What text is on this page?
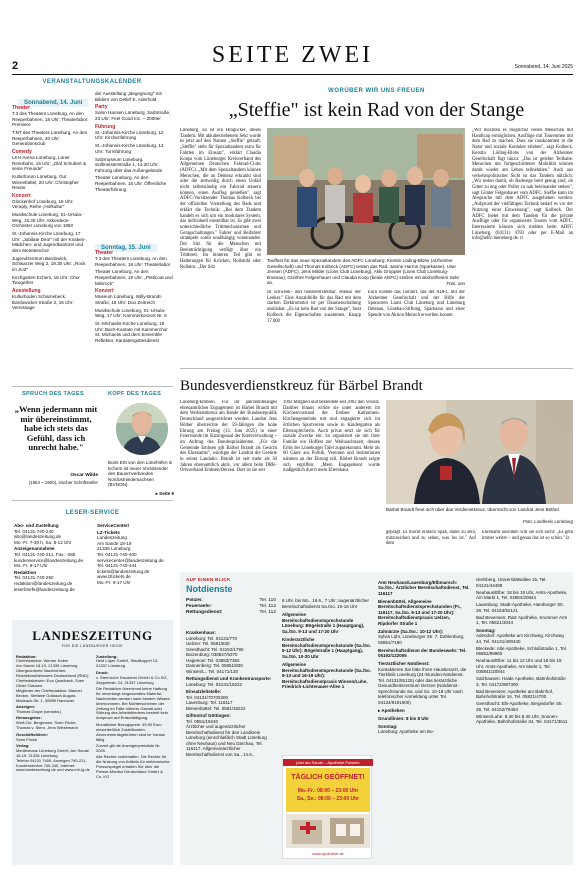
2	SEITE ZWEI	Sonnabend, 14. Juni 2025
VERANSTALTUNGSKALENDER
Sonnabend, 14. Juni
Theater
T.3 des Theaters Lüneburg, An den Reeperbahnen, 18 Uhr: Theaterlabor: Premiere
T.NT des Theaters Lüneburg, An den Reeperbahnen, 20 Uhr: Generationsclub
Comedy
LKH-Arena Lüneburg, Lüner Rennbahn, 19 Uhr: „Olaf Schubert & seine Freunde"
Kulturforum Lüneburg, Gut Wienebüttel, 20 Uhr: Christopher Reuter
Konzert
Glockenhof Lüneburg, 15 Uhr: Veraply, Reihe „Hofkultur"
Musikschule Lüneburg, St.-Ursula-Weg, 15.30 Uhr: Akkordeon-Orchester Lüneburg von 1950
St.-Johannis-Kirche Lüneburg, 17 Uhr: „Jubilate Deo!" mit der Knaben-, Mädchen- und Jugendkantorei und dem Motettenchor
Jugendzentrum Bardowick, Schwarzer Weg 2, 19.30 Uhr: „Rock im JUZ"
Kirchgarten Echem, 18 Uhr: Chor Twogether
Ausstellung
Kulturboden Scharnebeck, Bardowicker Straße 2, 16 Uhr: Vernissage
der Ausstellung „Begegnung" mit Bildern von Detlef E. Aderhold
Party
Salon Hansen Lüneburg, Salzstraße, 23 Uhr: Feel Good Inc. – 2000er
Führung
St.-Johannis-Kirche Lüneburg, 12 Uhr: Kirchenführung
St.-Johannis-Kirche Lüneburg, 13 Uhr: Turmführung
Salzmuseum Lüneburg, Sülfmeisterstraße 1, 14.30 Uhr: Führung über das Außengelände
Theater Lüneburg, An den Reeperbahnen, 16 Uhr: Öffentliche Theaterführung
Sonntag, 15. Juni
Theater
T.3 des Theaters Lüneburg, An den Reeperbahnen, 18 Uhr: Theaterlabor
Theater Lüneburg, An den Reeperbahnen, 19 Uhr: „Petticoat und Minirock"
Konzert
Museum Lüneburg, Willy-Brandt-Straße, 16 Uhr: Duo Zeitreich
Musikschule Lüneburg, St.-Ursula-Weg, 17 Uhr: Kammerkonzert Nr. 6
St.-Michaelis-Kirche Lüneburg, 18 Uhr: Bach-Kantate mit Kammerchor St. Michaelis und dem Ensemble Reflektor, Kantatengottesdienst
SPRUCH DES TAGES
„Wenn jedermann mit mir übereinstimmt, habe ich stets das Gefühl, dass ich unrecht habe."
Oscar Wilde
(1854 – 1900), irischer Schriftsteller
KOPF DES TAGES
Boris Erb von den Lünehöfen in Echem ist neuer Vorsitzender des Bauernverbandes Nordostniedersachsen (BVNON).
▸ Seite 9
LESER-SERVICE
Abo- und Zustellung
Tel. 04131-740-240
abo@landeszeitung.de
Mo.-Fr. 7-30 h, Sa. 8-12 Uhr
Anzeigenannahme
Tel. 04131-740-211, Fax: -285
kundenservice@landeszeitung.de
Mo.-Fr. 8-17 Uhr
Redaktion
Tel. 04131-740-250
redaktion@landeszeitung.de
leserbriefe@landeszeitung.de
ServiceCenter/
LZ-Tickets
Landeszeitung
Am Sande 18-19
21335 Lüneburg
Tel. 04131-740-400
servicecenter@landeszeitung.de
Tel. 04131-740-444
tickets@landeszeitung.de
www.lztickets.de
Mo.-Fr. 9-17 Uhr
LANDESZEITUNG
FÜR DIE LÜNEBURGER HEIDE
Redaktion:
Chefredakteur: Werner Kolbe
Am Sande 18-19, 21335 Lüneburg
Übergeordnete Nachrichten: RedaktionsNetzwerk Deutschland (RND)
Chefredakteurin: Eva Quadbeck, Sven Oliver Clausen
Mitglieder der Chefredaktion: Manuel Becker, Stefanie Gollasch August-Madsack-Str. 1, 30559 Hannover
Anzeigen:
Thomas Grupe (verantw.)
Herausgeber:
Wolf-Chr. Bergmann, Sven Fricke, Thomas v. Stern, Jens Wiesemann
Geschäftsführer:
Sven Fricke
Verlag:
Medienhaus Lüneburg GmbH, Am Sande 18-19, 21335 Lüneburg
Telefon 04131 7400, Anzeigen 740-211, Kundenservice 740-240, Internet: www.landeszeitung.de und www.mh-lg.de
Zustellung:
Heid Lüper GmbH, Stadtkoppel 13, 21337 Lüneburg
Druck:
v. Stern'sche Druckerei GmbH & Co KG, Zeppelinstr. 24, 21337 Lüneburg
Die Redaktion übernimmt keine Haftung für unverlangt eingesandtes Material. Nachrichten werden nach bestem Wissen übernommen. Bei Nichterscheinen der Zeitung im Falle höherer Gewalt oder Störung des Arbeitsfriedens besteht kein Anspruch auf Entschädigung.
Monatlicher Bezugspreis: 49,90 Euro einschließlich Zustellkosten. Abonnementsgebühren sind im Voraus fällig.
Zurzeit gilt die Anzeigenpreisliste Nr. 2025.
Alle Rechte vorbehalten. Die Rechte für die Nutzung von Artikeln für elektronische Pressespiegel erhalten Sie über die Presse-Monitor Deutschland GmbH & Co. KG
WORÜBER WIR UNS FREUEN
„Steffie" ist kein Rad von der Stange
Lüneburg. Es ist ein Hingucker, dieses Tandem. Mit akkubetriebenem Sekt wurde es jetzt auf den Namen „Steffie" getauft. „Steffie" steht für Spezialtandem extra für Fahrten im Einsatz", erklärt Claudia Koops vom Lüneburger Kreisverband des Allgemeinen Deutschen Fahrrad-Clubs (ADFC). „Mit dem Spezialtandem können Menschen, die an Demenz erkrankt sind oder die zeitweilig durch einen Unfall nicht selbstständig ein Fahrrad steuern können, einen Ausflug genießen", sagt ADFC-Vorsitzender Thomas Kolbeck bei der offiziellen Vorstellung des Rads und erklärt die Technik: „Bei dem Tandem handelt es sich um ein modulares System, das individuell einstellbar ist. Es gibt zwei unterschiedliche Trittmechanismen und Geragschaltungen." Fahrer und Beifahrer strampeln somit unabhängig voneinander. Der Sitz für die Menschen mit Beeinträchtigung verfügt über ein Trittbrett. Im hinteren Teil gibt es Halterungen für Krücken, Rollstuhl oder Rollator. „Der Sitz
Tauffest für das neue Spezialtandem des ADFC Lüneburg: Kerstin Löding-Blohs (Alzheimer Gesellschaft) und Thomas Kolbeck (ADFC) testen das Rad. Janine Harms (Sparkasse), Uwe Jensen (ADFC), Jens Milder (Lions Club Lüneburg), Akki Groppler (Lions Club Lüneburg-Ilmenau), Günther Felgenhauer und Claudia Koop (beide ADFC) stoßen mit akoholfreiem Sekt an.	Foto: ann
ist schwenk- und höhenverstellbar, ebenso der Lenker." Eine Anzahlhilfe für das Rad mit dem starken Elektromotor ist per Daumenschaltung auslösbar. „Es ist kein Rad von der Stange", fasst Kolbeck die Eigenschaften zusammen. Knapp 17.000
Euro kostete das Gefährt, das der ADFC mit der Alzheimer Gesellschaft und der Hilfe der Sponsoren Lions Club Lüneburg und Lüneburg Ilmenau, Lünebau-Stiftung, Sparkasse und einer Spende von Aktion Mensch erwerben konnte.
„Wir möchten es möglichst vielen Menschen mit Handicap ermöglichen, Ausflüge mit Tourenmen mit dem Rad zu machen. Dass sie rausko​mmen in die Natur und soziale Kontakte erleben", sagt Kolbeck. Kerstin Löding-Blohs von der Alzheimer Gesellschaft fügt hinzu: „Das ist gelebte Teilhabe. Menschen mit fortgeschrittener Mobilität können damit wieder am Leben teilnehmen." Auch aus verkehrspolitischer Sicht ist das Tandem nützlich: „Wir testen damit, ob Radwege breit genug sind, ob Gitter zu eng oder Poller zu nah beieinander stehen", sagt Günter Felgenhauer vom ADFC. Steffie kann im Absprache mit dem ADFC ausgeliehen werden. „Aufgrund der vielfältigen Technik bedarf es vor der Nutzung einer Einweisung", sagt Kolbeck. Der ADFC bietet mit dem Tandem für die private Ausflüge oder für organisierte Touren vom ADFC. Interessierte können sich melden beim ADFC Lüneburg, (04131) 4783 oder per E-Mail an info@adfc-lueneburg.de. rt
Bundesverdienstkreuz für Bärbel Brandt
Lüneburg/Embsen. Für ihr jahrzehntelanges ehrenamtliches Engagement ist Bärbel Brandt mit dem Verdienstkreuz am Bande der Bundesrepublik Deutschland ausgezeichnet worden. Landrat Jens Böther überreichte der 59-Jährigen die hohe Ehrung am Freitag (13. Juni 2025) in einer Feierstunde im Sitzungssaal der Kreisverwaltung – im Auftrag des Bundespräsidenten. „Für die Gemeinde Embsen gilt Bärbel Brandt als Gesicht des Ehrenamts", würdigte der Landrat die Geehrte in seiner Laudatio. Brandt ist seit mehr als 30 Jahren ehrenamtlich aktiv, vor allem beim DRK-Ortsverband Embsen/Oerzen. Dort ist sie seit
1992 Mitglied und bekleidete seit 2002 den Vorsitz. Darüber hinaus wirkte sie unter anderem im Kirchenvorstand der Embser Katharinen-Kirchengemeinde mit und engagierte sich im örtlichen Sportverein sowie in Kindergarten als Elternsprecherin. Auch privat setzt sie sich für soziale Zwecke ein: So organisiert sie mit ihrer Familie ein Hoffest zur Weihnachtszeit, dessen Erlös der Lüneburger Tafel zugutekommt. Mehr als 60 Gäste aus Politik, Vereinen und Institutionen nahmen an der Ehrung teil. Bärbel Brandt zeigte sich ergriffen: „Mein Engagement wurde maßgeblich durch mein Elternhaus
Bärbel Brandt freut sich über das Verdienstkreuz, überreicht von Landrat Jens Böther.
Foto: Landkreis Lüneburg
geprägt. Es macht einfach Spaß, dabei zu sein, mitzuwirken und zu sehen, was los ist." Auf dem
Ehrenamt ausruhen will sie sich nicht: „Es geht immer weiter – und genau das ist so schön." lz
AUF EINEN BLICK
Notdienste
Polizei:	Tel. 110
Feuerwehr:	Tel. 112
Rettungsdienst:	Tel. 112
Krankenhaus:
Lüneburg: Tel. 04131/770
Uelzen: Tel. 0581/830
Geesthacht: Tel. 04152/1790
Boizenburg: 038847/6370
Hagenow: Tel. 03883/7360
Dannenberg: Tel. 05861/830
Winsen/L.: Tel. 04171/130
Rettungsdienst und Krankentransporte:
Lüneburg: Tel. 04131/19222
Einsatzleitstelle:
Tel. 04131/70705300
Lauenburg: Tel. 116117
Bienenbüttel: Tel. 0581/19222
Giftnotruf Göttingen:
Tel. 0551/19240
Ärztlicher und augenärztlicher Bereitschaftsdienst für den Landkreis Lüneburg (einschließlich Stadt Lüneburg ohne Neuhaus) und Neu Darchau, Tel. 116117. Allgemeinärztlicher Bereitschaftsdienst von Sa., 14.6.,
8 Uhr, bis Mo., 16.6., 7 Uhr; augenärztlicher Bereitschaftsdienst Sa./So. 10-16 Uhr
Allgemeine Bereitschaftsdienstsprechstunde Lüneburg: Bögelstraße 1 (Hauptgang), Sa./So. 9-13 und 17-20 Uhr
Kinderärztliche Bereitschaftsdienstsprechstunde (Sa./So. 9-12 Uhr): Bögelstraße 1 (Hauptgang), Sa./So. 10-20 Uhr
Allgemeine Bereitschaftsdienstsprechstunde (Sa./So. 9-13 und 16-19 Uhr): Bereitschaftsdienstpraxis Winsen/Luhe, Friedrich-Lichtenauer-Allee 1
jetzt am Sande – Apotheke Pulstein
TÄGLICH GEÖFFNET!
Mo.-Fr.: 08:00 – 23:00 Uhr
Sa., So.: 08:00 – 23:00 Uhr
www.apotheke.de
Amt Neuhaus/Lauenburg/Elbmarsch: Sa./So.: Ärztlicher Bereitschaftsdienst, Tel. 116117
Bienenbüttel, Allgemeine Bereitschaftsdienstsprechstunden (Fr., 116117, Sa./So. 9-13 und 17-20 Uhr): Bereitschaftsdienstpraxis Uelzen, Ripdorfer Straße 1
Zahnärzte (Sa./So.: 10-12 Uhr):
Sylvia Lühr, Lüneburger Str. 7, Dahlenburg, 05851/7190
Bereitschaftsdienst der Bundeswehr: Tel. 05192/122005
Tierärztlicher Notdienst:
Kontaktieren Sie bitte Ihren Haustierarzt, die Tierklinik Lüneburg (24-Stunden-Notdienst, Tel. 04131/55125) oder das tierärztliche Gesundheitszentrum Oerzen (Notdienst-Sprechstunde Sa. und So. 10-18 Uhr nach telefonischer Anmeldung unter Tel. 04134/9191900)
▸ Apotheken
Grundlinien: 8 bis 8 Uhr
Sonntag:
Lüneburg: Apotheke am Bo-
ckelsberg, Universitätsallee 15, Tel. 04131/44488
Neuhaus/Elbe: 18 bis 19 Uhr, Amts-Apotheke, Am Markt 1, Tel. 03884/20844
Lauenburg: Stadt-Apotheke, Hamburger Str. 28, Tel. 04153/52121
Bad Bevensen: Ratz Apotheke, Krummer Arm 1, Tel. 05821/3044
Sonntag:
Adendorf: Apotheke am Kirchweg, Kirchweg 44, Tel. 04131/400440
Bleckede: Alte Apotheke, Schloßstraße 1, Tel. 05852/99960
Neuhaus/Elbe: 11 bis 12 Uhr und 18 bis 19 Uhr, Amts-Apotheke, Am Markt 1, Tel. 038841/20844
Salzhausen: Haide Apotheke, Bahnhofstraße 3, Tel. 04172/987300
Bad Bevensen: Apotheke am Bahnhof, Bahnhofstraße 16, Tel. 05821/4700
Geesthacht: Elb-Apotheke, Bergedorfer Str. 29, Tel. 04152/78484
Winsen/Luhe: 8.30 bis 8.30 Uhr, Sonnen-Apotheke, Bahnhofstraße 34, Tel. 04171/3611
